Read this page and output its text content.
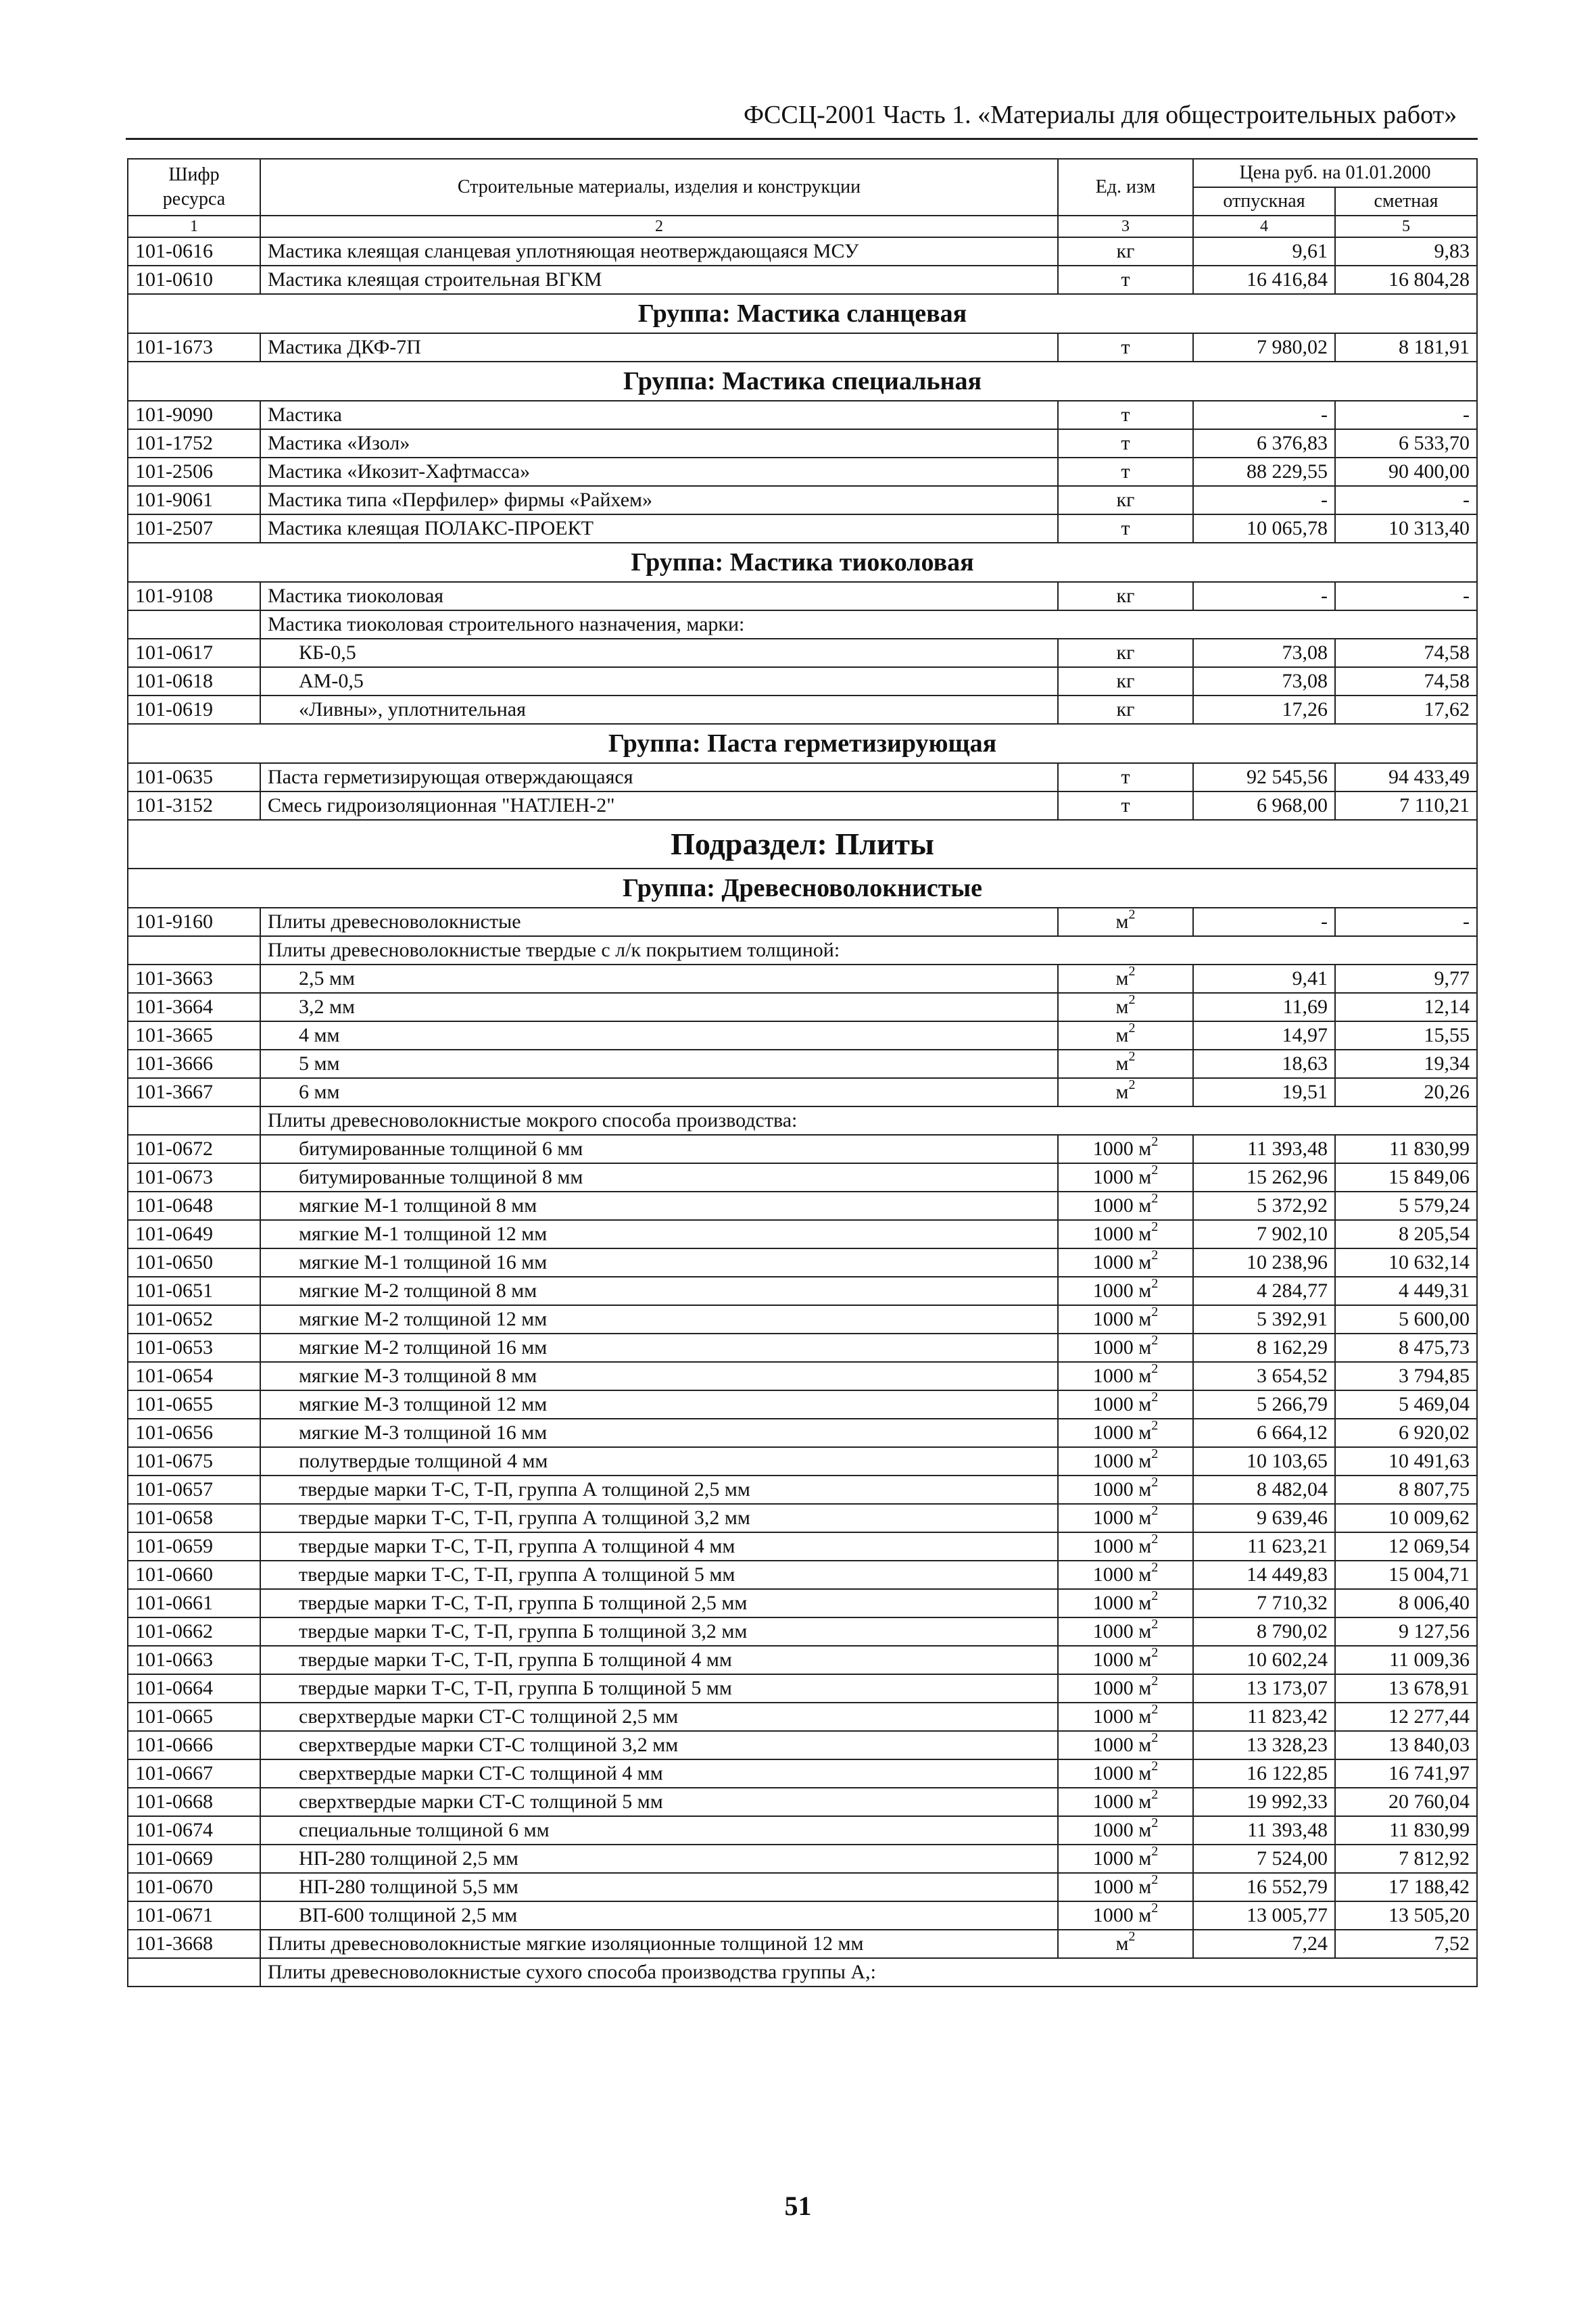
ФССЦ-2001 Часть 1. «Материалы для общестроительных работ»
Шифр ресурса	Строительные материалы, изделия и конструкции	Ед. изм	Цена руб. на 01.01.2000	
			отпускная	сметная
1	2	3	4	5
101-0616	Мастика клеящая сланцевая уплотняющая неотверждающаяся МСУ	кг	9,61	9,83
101-0610	Мастика клеящая строительная ВГКМ	т	16 416,84	16 804,28
Группа: Мастика сланцевая				
101-1673	Мастика ДКФ-7П	т	7 980,02	8 181,91
Группа: Мастика специальная				
101-9090	Мастика	т	-	-
101-1752	Мастика «Изол»	т	6 376,83	6 533,70
101-2506	Мастика «Икозит-Хафтмасса»	т	88 229,55	90 400,00
101-9061	Мастика типа «Перфилер» фирмы «Райхем»	кг	-	-
101-2507	Мастика клеящая ПОЛАКС-ПРОЕКТ	т	10 065,78	10 313,40
Группа: Мастика тиоколовая				
101-9108	Мастика тиоколовая	кг	-	-
	Мастика тиоколовая строительного назначения, марки:			
101-0617	КБ-0,5	кг	73,08	74,58
101-0618	АМ-0,5	кг	73,08	74,58
101-0619	«Ливны», уплотнительная	кг	17,26	17,62
Группа: Паста герметизирующая				
101-0635	Паста герметизирующая отверждающаяся	т	92 545,56	94 433,49
101-3152	Смесь гидроизоляционная "НАТЛЕН-2"	т	6 968,00	7 110,21
Подраздел: Плиты				
Группа: Древесноволокнистые				
101-9160	Плиты древесноволокнистые	$м^2$	-	-
	Плиты древесноволокнистые твердые с л/к покрытием толщиной:			
101-3663	2,5 мм	$м^2$	9,41	9,77
101-3664	3,2 мм	$м^2$	11,69	12,14
101-3665	4 мм	$м^2$	14,97	15,55
101-3666	5 мм	$м^2$	18,63	19,34
101-3667	6 мм	$м^2$	19,51	20,26
	Плиты древесноволокнистые мокрого способа производства:			
101-0672	битумированные толщиной 6 мм	1000 $м^2$	11 393,48	11 830,99
101-0673	битумированные толщиной 8 мм	1000 $м^2$	15 262,96	15 849,06
101-0648	мягкие М-1 толщиной 8 мм	1000 $м^2$	5 372,92	5 579,24
101-0649	мягкие М-1 толщиной 12 мм	1000 $м^2$	7 902,10	8 205,54
101-0650	мягкие М-1 толщиной 16 мм	1000 $м^2$	10 238,96	10 632,14
101-0651	мягкие М-2 толщиной 8 мм	1000 $м^2$	4 284,77	4 449,31
101-0652	мягкие М-2 толщиной 12 мм	1000 $м^2$	5 392,91	5 600,00
101-0653	мягкие М-2 толщиной 16 мм	1000 $м^2$	8 162,29	8 475,73
101-0654	мягкие М-3 толщиной 8 мм	1000 $м^2$	3 654,52	3 794,85
101-0655	мягкие М-3 толщиной 12 мм	1000 $м^2$	5 266,79	5 469,04
101-0656	мягкие М-3 толщиной 16 мм	1000 $м^2$	6 664,12	6 920,02
101-0675	полутвердые толщиной 4 мм	1000 $м^2$	10 103,65	10 491,63
101-0657	твердые марки Т-С, Т-П, группа А толщиной 2,5 мм	1000 $м^2$	8 482,04	8 807,75
101-0658	твердые марки Т-С, Т-П, группа А толщиной 3,2 мм	1000 $м^2$	9 639,46	10 009,62
101-0659	твердые марки Т-С, Т-П, группа А толщиной 4 мм	1000 $м^2$	11 623,21	12 069,54
101-0660	твердые марки Т-С, Т-П, группа А толщиной 5 мм	1000 $м^2$	14 449,83	15 004,71
101-0661	твердые марки Т-С, Т-П, группа Б толщиной 2,5 мм	1000 $м^2$	7 710,32	8 006,40
101-0662	твердые марки Т-С, Т-П, группа Б толщиной 3,2 мм	1000 $м^2$	8 790,02	9 127,56
101-0663	твердые марки Т-С, Т-П, группа Б толщиной 4 мм	1000 $м^2$	10 602,24	11 009,36
101-0664	твердые марки Т-С, Т-П, группа Б толщиной 5 мм	1000 $м^2$	13 173,07	13 678,91
101-0665	сверхтвердые марки СТ-С толщиной 2,5 мм	1000 $м^2$	11 823,42	12 277,44
101-0666	сверхтвердые марки СТ-С толщиной 3,2 мм	1000 $м^2$	13 328,23	13 840,03
101-0667	сверхтвердые марки СТ-С толщиной 4 мм	1000 $м^2$	16 122,85	16 741,97
101-0668	сверхтвердые марки СТ-С толщиной 5 мм	1000 $м^2$	19 992,33	20 760,04
101-0674	специальные толщиной 6 мм	1000 $м^2$	11 393,48	11 830,99
101-0669	НП-280 толщиной 2,5 мм	1000 $м^2$	7 524,00	7 812,92
101-0670	НП-280 толщиной 5,5 мм	1000 $м^2$	16 552,79	17 188,42
101-0671	ВП-600 толщиной 2,5 мм	1000 $м^2$	13 005,77	13 505,20
101-3668	Плиты древесноволокнистые мягкие изоляционные толщиной 12 мм	$м^2$	7,24	7,52
	Плиты древесноволокнистые сухого способа производства группы А,:			
51
